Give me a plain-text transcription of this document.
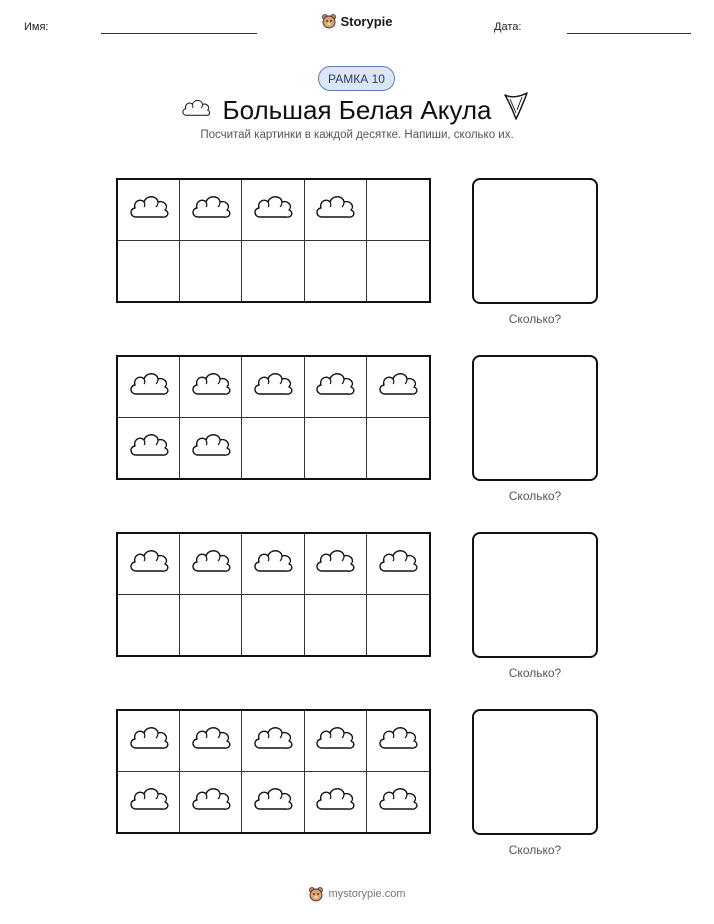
Имя:	Storypie	Дата:
РАМКА 10
Большая Белая Акула
Посчитай картинки в каждой десятке. Напиши, сколько их.
Сколько?
Сколько?
Сколько?
Сколько?
mystorypie.com
